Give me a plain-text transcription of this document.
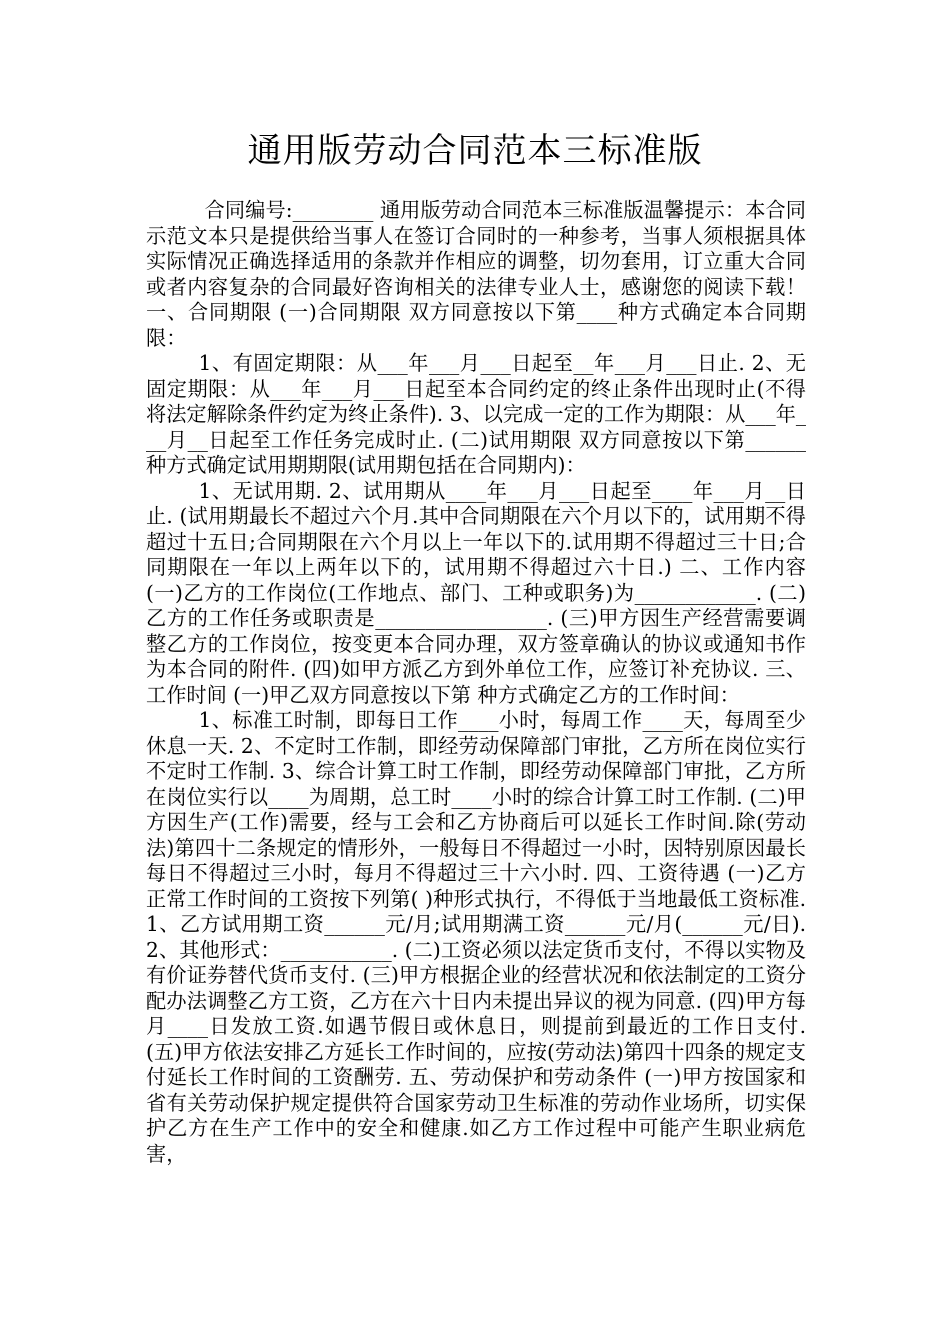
通用版劳动合同范本三标准版

合同编号:________ 通用版劳动合同范本三标准版温馨提示：本合同示范文本只是提供给当事人在签订合同时的一种参考，当事人须根据具体实际情况正确选择适用的条款并作相应的调整，切勿套用，订立重大合同或者内容复杂的合同最好咨询相关的法律专业人士，感谢您的阅读下载！ 一、合同期限 (一)合同期限 双方同意按以下第____种方式确定本合同期限：

1、有固定期限：从___年___月___日起至__年___月___日止. 2、无固定期限：从___年___月___日起至本合同约定的终止条件出现时止(不得将法定解除条件约定为终止条件). 3、以完成一定的工作为期限：从___年___月__日起至工作任务完成时止. (二)试用期限 双方同意按以下第______种方式确定试用期期限(试用期包括在合同期内)：

1、无试用期. 2、试用期从____年___月___日起至____年___月__日止. (试用期最长不超过六个月.其中合同期限在六个月以下的，试用期不得超过十五日;合同期限在六个月以上一年以下的.试用期不得超过三十日;合同期限在一年以上两年以下的，试用期不得超过六十日.) 二、工作内容 (一)乙方的工作岗位(工作地点、部门、工种或职务)为____________. (二)乙方的工作任务或职责是_________________. (三)甲方因生产经营需要调整乙方的工作岗位，按变更本合同办理，双方签章确认的协议或通知书作为本合同的附件. (四)如甲方派乙方到外单位工作，应签订补充协议. 三、工作时间 (一)甲乙双方同意按以下第 种方式确定乙方的工作时间：

1、标准工时制，即每日工作____小时，每周工作____天，每周至少休息一天. 2、不定时工作制，即经劳动保障部门审批，乙方所在岗位实行不定时工作制. 3、综合计算工时工作制，即经劳动保障部门审批，乙方所在岗位实行以____为周期，总工时____小时的综合计算工时工作制. (二)甲方因生产(工作)需要，经与工会和乙方协商后可以延长工作时间.除(劳动法)第四十二条规定的情形外，一般每日不得超过一小时，因特别原因最长每日不得超过三小时，每月不得超过三十六小时. 四、工资待遇 (一)乙方正常工作时间的工资按下列第( )种形式执行，不得低于当地最低工资标准. 1、乙方试用期工资______元/月;试用期满工资______元/月(______元/日). 2、其他形式：___________. (二)工资必须以法定货币支付，不得以实物及有价证券替代货币支付. (三)甲方根据企业的经营状况和依法制定的工资分配办法调整乙方工资，乙方在六十日内未提出异议的视为同意. (四)甲方每月____日发放工资.如遇节假日或休息日，则提前到最近的工作日支付. (五)甲方依法安排乙方延长工作时间的，应按(劳动法)第四十四条的规定支付延长工作时间的工资酬劳. 五、劳动保护和劳动条件 (一)甲方按国家和省有关劳动保护规定提供符合国家劳动卫生标准的劳动作业场所，切实保护乙方在生产工作中的安全和健康.如乙方工作过程中可能产生职业病危害，
